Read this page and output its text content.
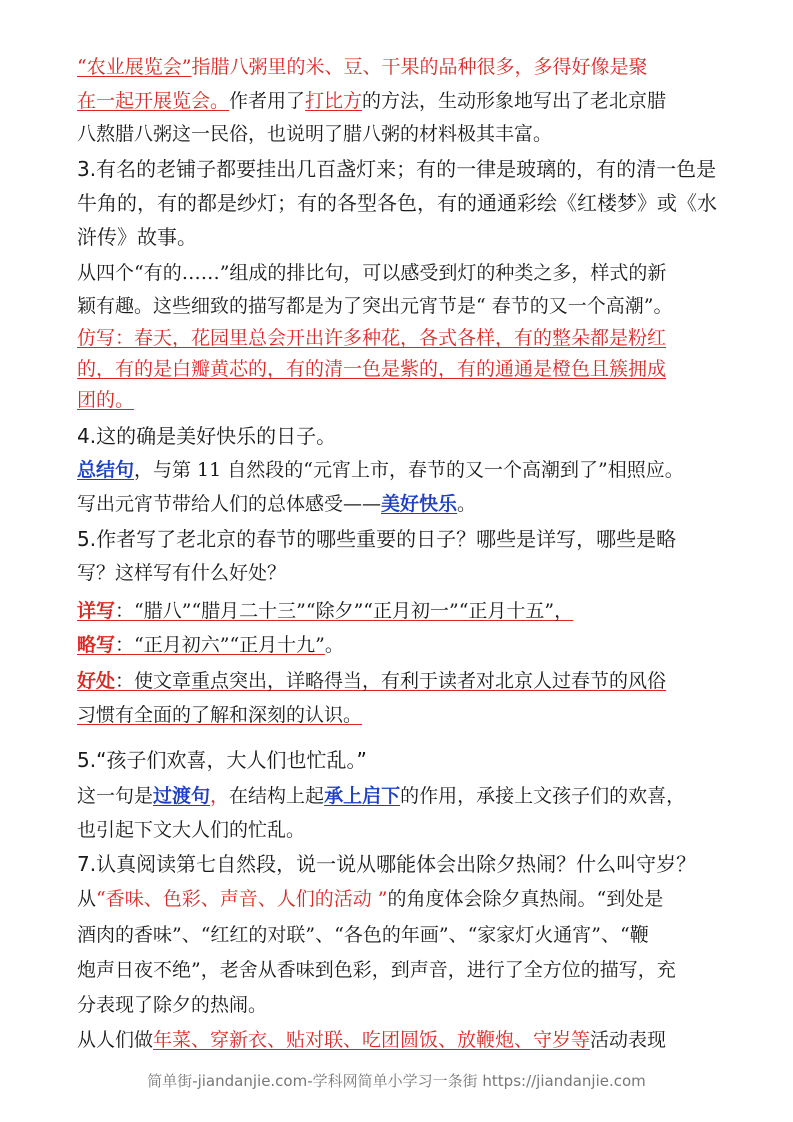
“农业展览会”指腊八粥里的米、豆、干果的品种很多，多得好像是聚
在一起开展览会。作者用了打比方的方法，生动形象地写出了老北京腊
八熬腊八粥这一民俗，也说明了腊八粥的材料极其丰富。
3.有名的老铺子都要挂出几百盏灯来；有的一律是玻璃的，有的清一色是
牛角的，有的都是纱灯；有的各型各色，有的通通彩绘《红楼梦》或《水
浒传》故事。
从四个“有的……”组成的排比句，可以感受到灯的种类之多，样式的新
颖有趣。这些细致的描写都是为了突出元宵节是“ 春节的又一个高潮”。
仿写：春天，花园里总会开出许多种花，各式各样，有的整朵都是粉红
的，有的是白瓣黄芯的，有的清一色是紫的，有的通通是橙色且簇拥成
团的。
4.这的确是美好快乐的日子。
总结句，与第 11 自然段的“元宵上市，春节的又一个高潮到了”相照应。
写出元宵节带给人们的总体感受——美好快乐。
5.作者写了老北京的春节的哪些重要的日子？哪些是详写，哪些是略
写？这样写有什么好处？
详写：“腊八”“腊月二十三”“除夕”“正月初一”“正月十五”，
略写：“正月初六”“正月十九”。
好处：使文章重点突出，详略得当，有利于读者对北京人过春节的风俗
习惯有全面的了解和深刻的认识。
5.“孩子们欢喜，大人们也忙乱。”
这一句是过渡句，在结构上起承上启下的作用，承接上文孩子们的欢喜，
也引起下文大人们的忙乱。
7.认真阅读第七自然段，说一说从哪能体会出除夕热闹？什么叫守岁？
从“香味、色彩、声音、人们的活动 ”的角度体会除夕真热闹。“到处是
酒肉的香味”、“红红的对联”、“各色的年画”、“家家灯火通宵”、“鞭
炮声日夜不绝”，老舍从香味到色彩，到声音，进行了全方位的描写，充
分表现了除夕的热闹。
从人们做年菜、穿新衣、贴对联、吃团圆饭、放鞭炮、守岁等活动表现
简单街-jiandanjie.com-学科网简单小学习一条街 https://jiandanjie.com
